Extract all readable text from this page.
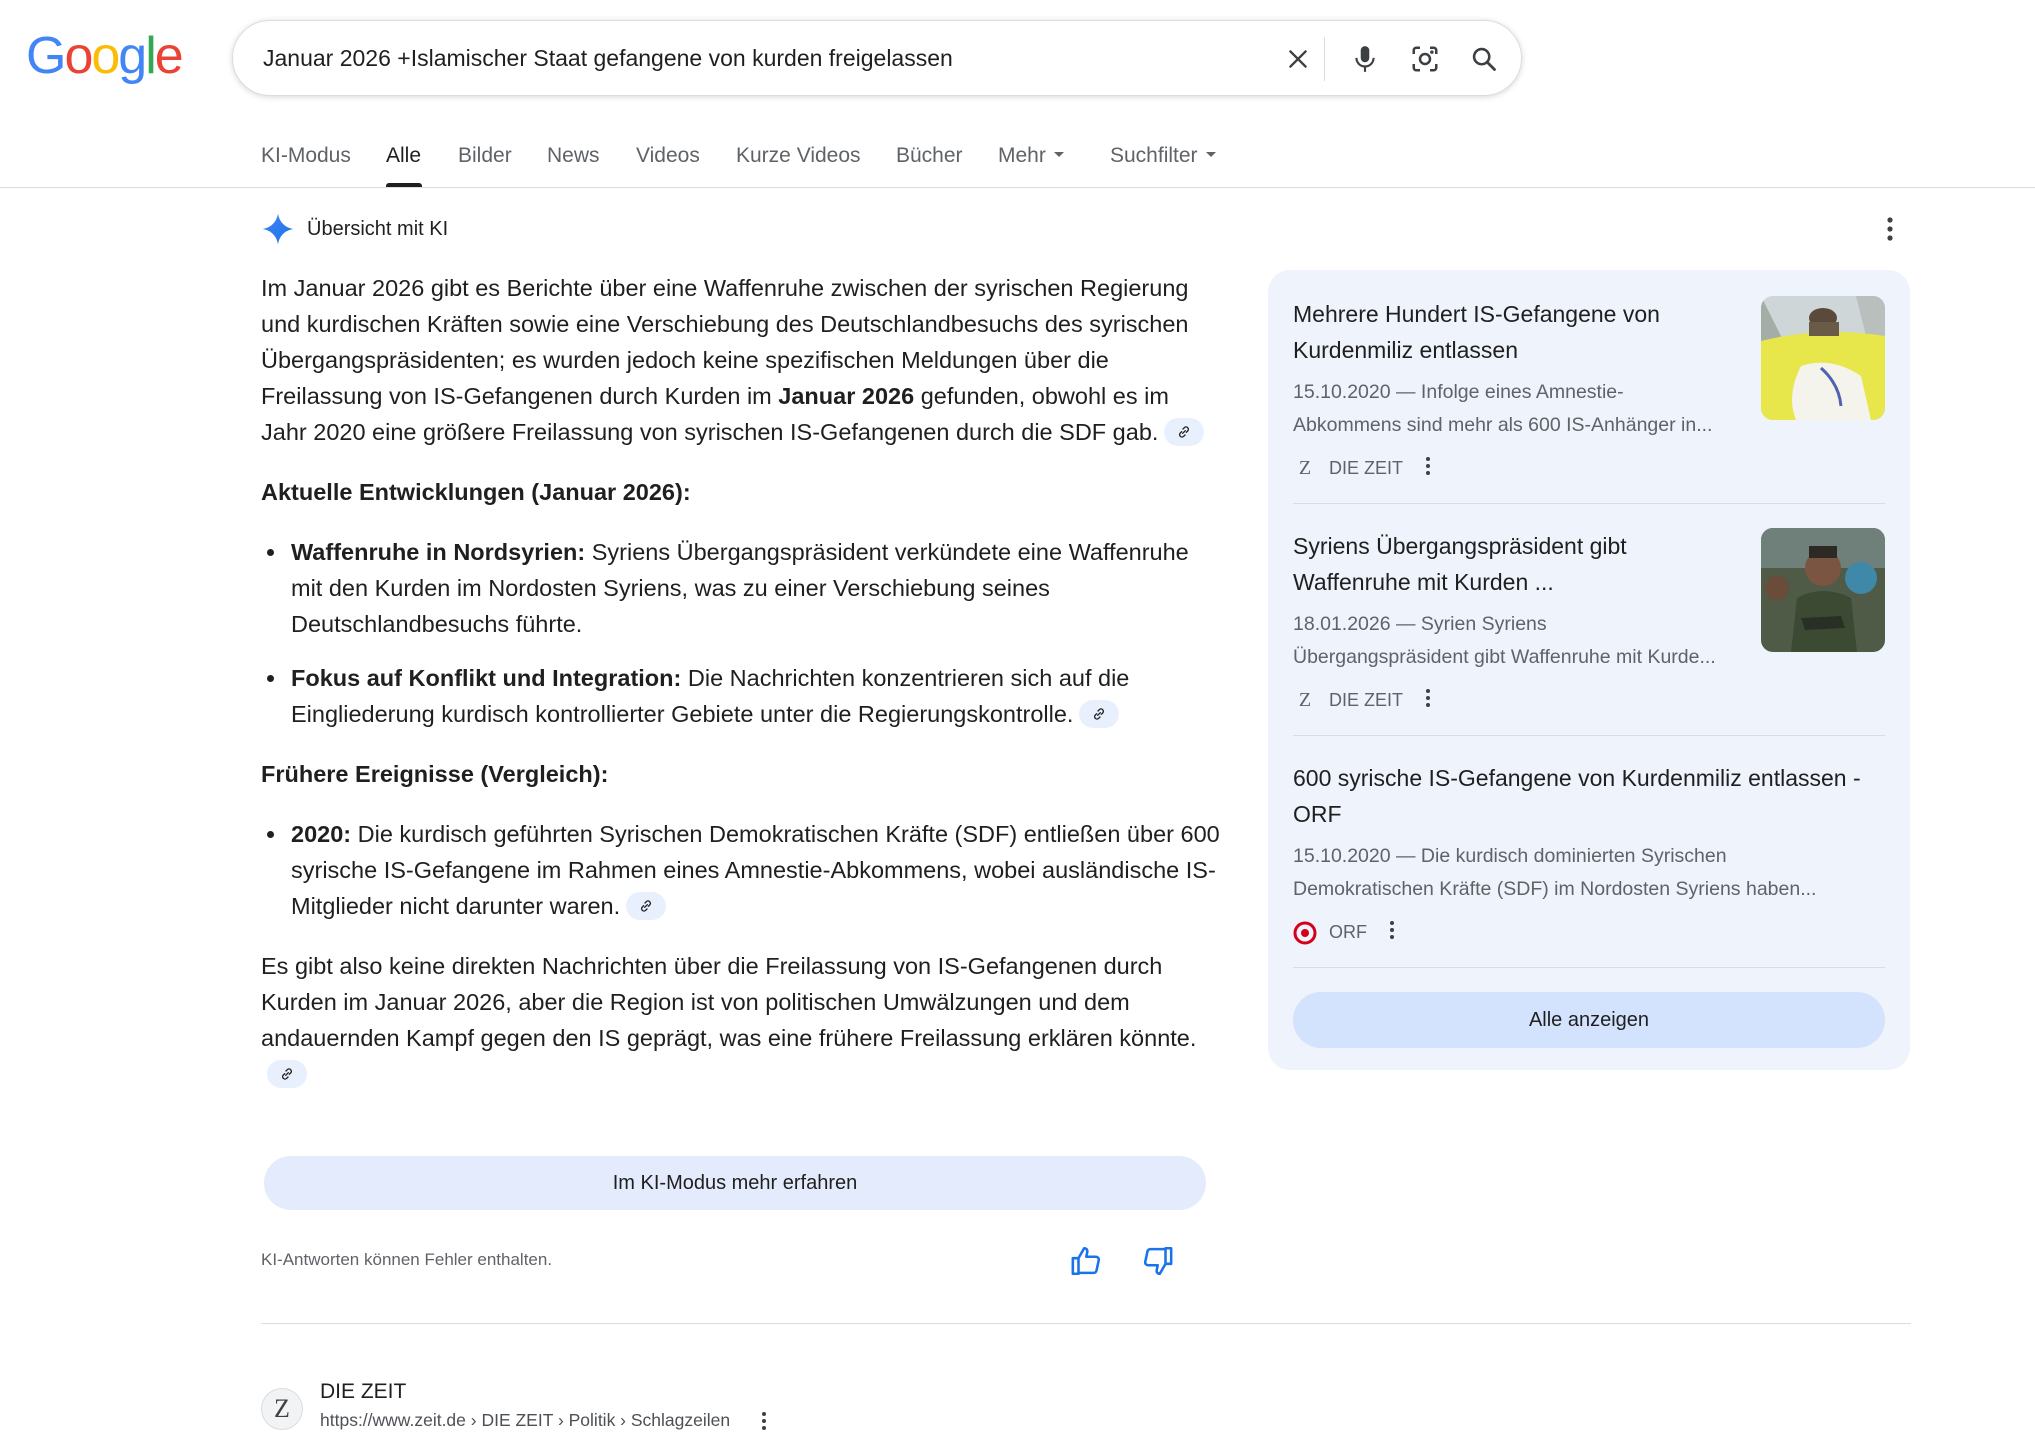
Google	Januar 2026 +Islamischer Staat gefangene von kurden freigelassen
KI-Modus Alle Bilder News Videos Kurze Videos Bücher Mehr	Suchfilter
Übersicht mit KI

Im Januar 2026 gibt es Berichte über eine Waffenruhe zwischen der syrischen Regierung und kurdischen Kräften sowie eine Verschiebung des Deutschlandbesuchs des syrischen Übergangspräsidenten; es wurden jedoch keine spezifischen Meldungen über die Freilassung von IS-Gefangenen durch Kurden im Januar 2026 gefunden, obwohl es im Jahr 2020 eine größere Freilassung von syrischen IS-Gefangenen durch die SDF gab.

Aktuelle Entwicklungen (Januar 2026):
Waffenruhe in Nordsyrien: Syriens Übergangspräsident verkündete eine Waffenruhe mit den Kurden im Nordosten Syriens, was zu einer Verschiebung seines Deutschlandbesuchs führte.
Fokus auf Konflikt und Integration: Die Nachrichten konzentrieren sich auf die Eingliederung kurdisch kontrollierter Gebiete unter die Regierungskontrolle.
Frühere Ereignisse (Vergleich):
2020: Die kurdisch geführten Syrischen Demokratischen Kräfte (SDF) entließen über 600 syrische IS-Gefangene im Rahmen eines Amnestie-Abkommens, wobei ausländische IS-Mitglieder nicht darunter waren.

Es gibt also keine direkten Nachrichten über die Freilassung von IS-Gefangenen durch Kurden im Januar 2026, aber die Region ist von politischen Umwälzungen und dem andauernden Kampf gegen den IS geprägt, was eine frühere Freilassung erklären könnte.

Im KI-Modus mehr erfahren
KI-Antworten können Fehler enthalten.
Mehrere Hundert IS-Gefangene von Kurdenmiliz entlassen
15.10.2020 — Infolge eines Amnestie-
Abkommens sind mehr als 600 IS-Anhänger in...
Z DIE ZEIT
Syriens Übergangspräsident gibt Waffenruhe mit Kurden ...
18.01.2026 — Syrien Syriens
Übergangspräsident gibt Waffenruhe mit Kurde...
Z DIE ZEIT
600 syrische IS-Gefangene von Kurdenmiliz entlassen - ORF
15.10.2020 — Die kurdisch dominierten Syrischen
Demokratischen Kräfte (SDF) im Nordosten Syriens haben...
ORF
Alle anzeigen
Z
DIE ZEIT
https://www.zeit.de › DIE ZEIT › Politik › Schlagzeilen
